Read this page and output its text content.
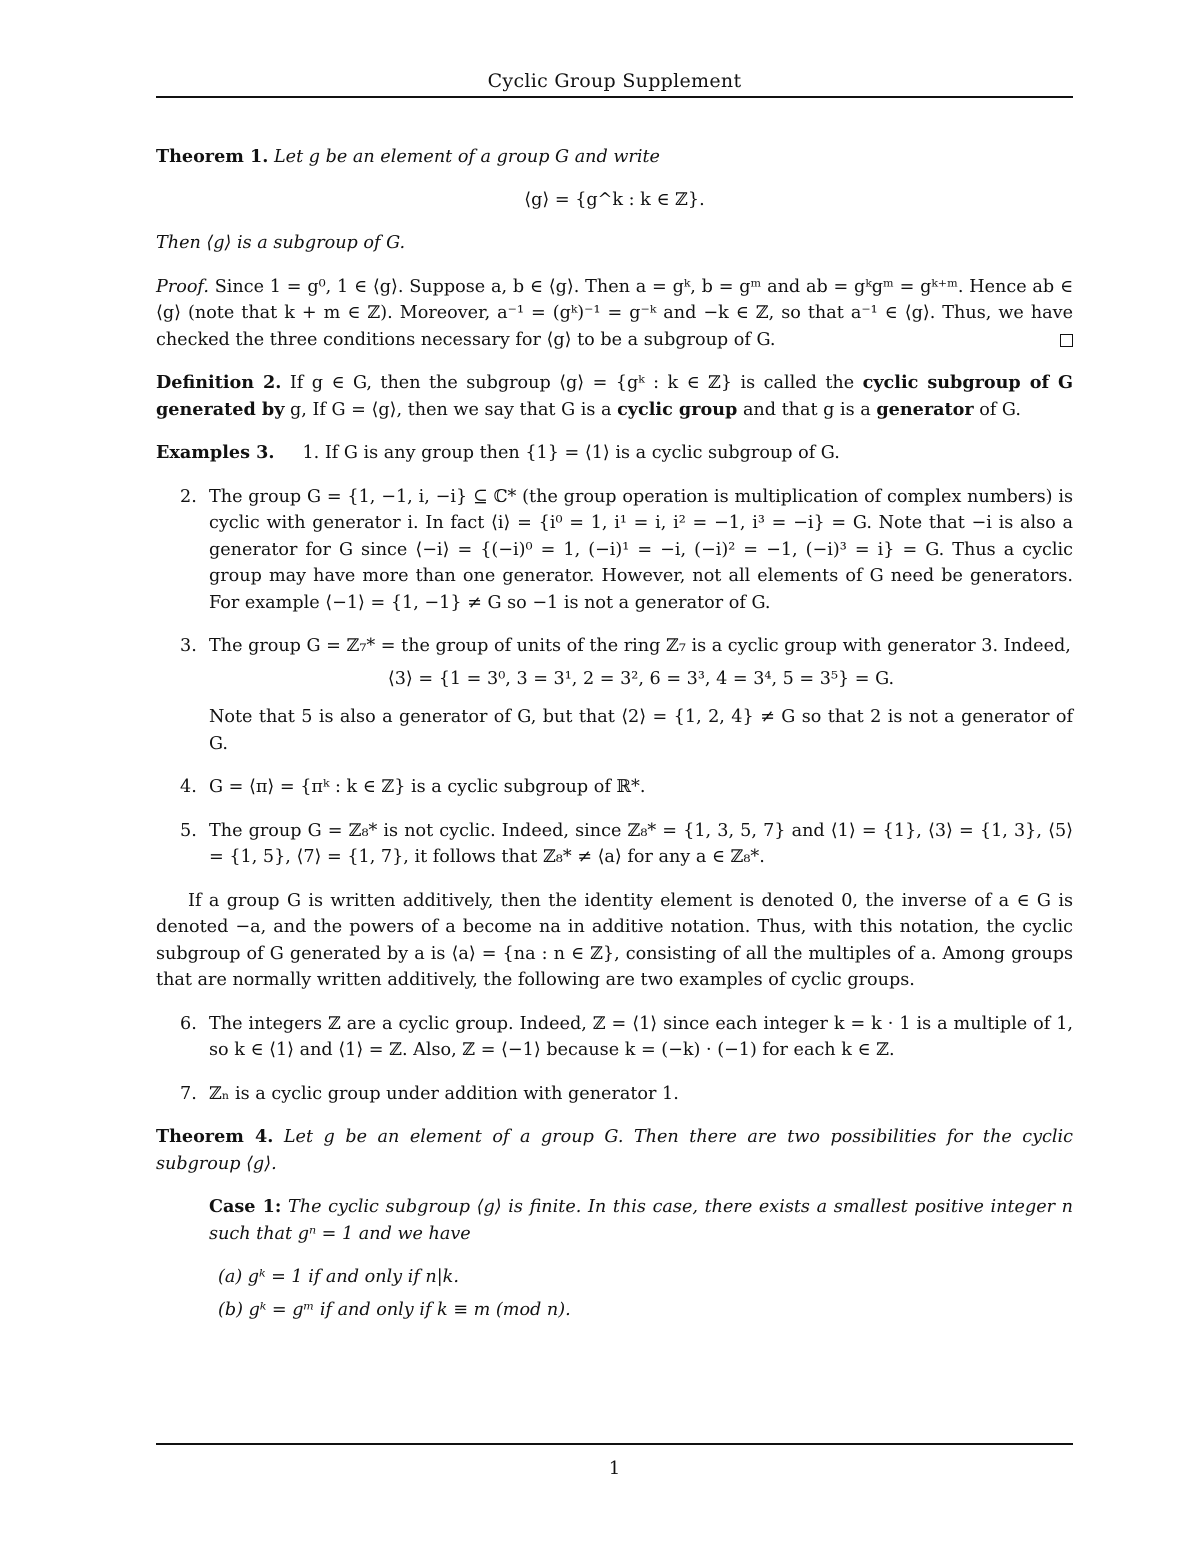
Cyclic Group Supplement

Theorem 1. Let g be an element of a group G and write

⟨g⟩ = {g^k : k ∈ ℤ}.

Then ⟨g⟩ is a subgroup of G.

Proof. Since 1 = g⁰, 1 ∈ ⟨g⟩. Suppose a, b ∈ ⟨g⟩. Then a = gᵏ, b = gᵐ and ab = gᵏgᵐ = gᵏ⁺ᵐ. Hence ab ∈ ⟨g⟩ (note that k + m ∈ ℤ). Moreover, a⁻¹ = (gᵏ)⁻¹ = g⁻ᵏ and −k ∈ ℤ, so that a⁻¹ ∈ ⟨g⟩. Thus, we have checked the three conditions necessary for ⟨g⟩ to be a subgroup of G.

Definition 2. If g ∈ G, then the subgroup ⟨g⟩ = {gᵏ : k ∈ ℤ} is called the cyclic subgroup of G generated by g, If G = ⟨g⟩, then we say that G is a cyclic group and that g is a generator of G.

Examples 3. 1. If G is any group then {1} = ⟨1⟩ is a cyclic subgroup of G.

2. The group G = {1, −1, i, −i} ⊆ ℂ* (the group operation is multiplication of complex numbers) is cyclic with generator i. In fact ⟨i⟩ = {i⁰ = 1, i¹ = i, i² = −1, i³ = −i} = G. Note that −i is also a generator for G since ⟨−i⟩ = {(−i)⁰ = 1, (−i)¹ = −i, (−i)² = −1, (−i)³ = i} = G. Thus a cyclic group may have more than one generator. However, not all elements of G need be generators. For example ⟨−1⟩ = {1, −1} ≠ G so −1 is not a generator of G.
3. The group G = ℤ₇* = the group of units of the ring ℤ₇ is a cyclic group with generator 3. Indeed,

⟨3⟩ = {1 = 3⁰, 3 = 3¹, 2 = 3², 6 = 3³, 4 = 3⁴, 5 = 3⁵} = G.

Note that 5 is also a generator of G, but that ⟨2⟩ = {1, 2, 4} ≠ G so that 2 is not a generator of G.

4. G = ⟨π⟩ = {πᵏ : k ∈ ℤ} is a cyclic subgroup of ℝ*.
5. The group G = ℤ₈* is not cyclic. Indeed, since ℤ₈* = {1, 3, 5, 7} and ⟨1⟩ = {1}, ⟨3⟩ = {1, 3}, ⟨5⟩ = {1, 5}, ⟨7⟩ = {1, 7}, it follows that ℤ₈* ≠ ⟨a⟩ for any a ∈ ℤ₈*.

If a group G is written additively, then the identity element is denoted 0, the inverse of a ∈ G is denoted −a, and the powers of a become na in additive notation. Thus, with this notation, the cyclic subgroup of G generated by a is ⟨a⟩ = {na : n ∈ ℤ}, consisting of all the multiples of a. Among groups that are normally written additively, the following are two examples of cyclic groups.

6. The integers ℤ are a cyclic group. Indeed, ℤ = ⟨1⟩ since each integer k = k · 1 is a multiple of 1, so k ∈ ⟨1⟩ and ⟨1⟩ = ℤ. Also, ℤ = ⟨−1⟩ because k = (−k) · (−1) for each k ∈ ℤ.
7. ℤₙ is a cyclic group under addition with generator 1.

Theorem 4. Let g be an element of a group G. Then there are two possibilities for the cyclic subgroup ⟨g⟩.

Case 1: The cyclic subgroup ⟨g⟩ is finite. In this case, there exists a smallest positive integer n such that gⁿ = 1 and we have

(a) gᵏ = 1 if and only if n|k.

(b) gᵏ = gᵐ if and only if k ≡ m (mod n).

1
